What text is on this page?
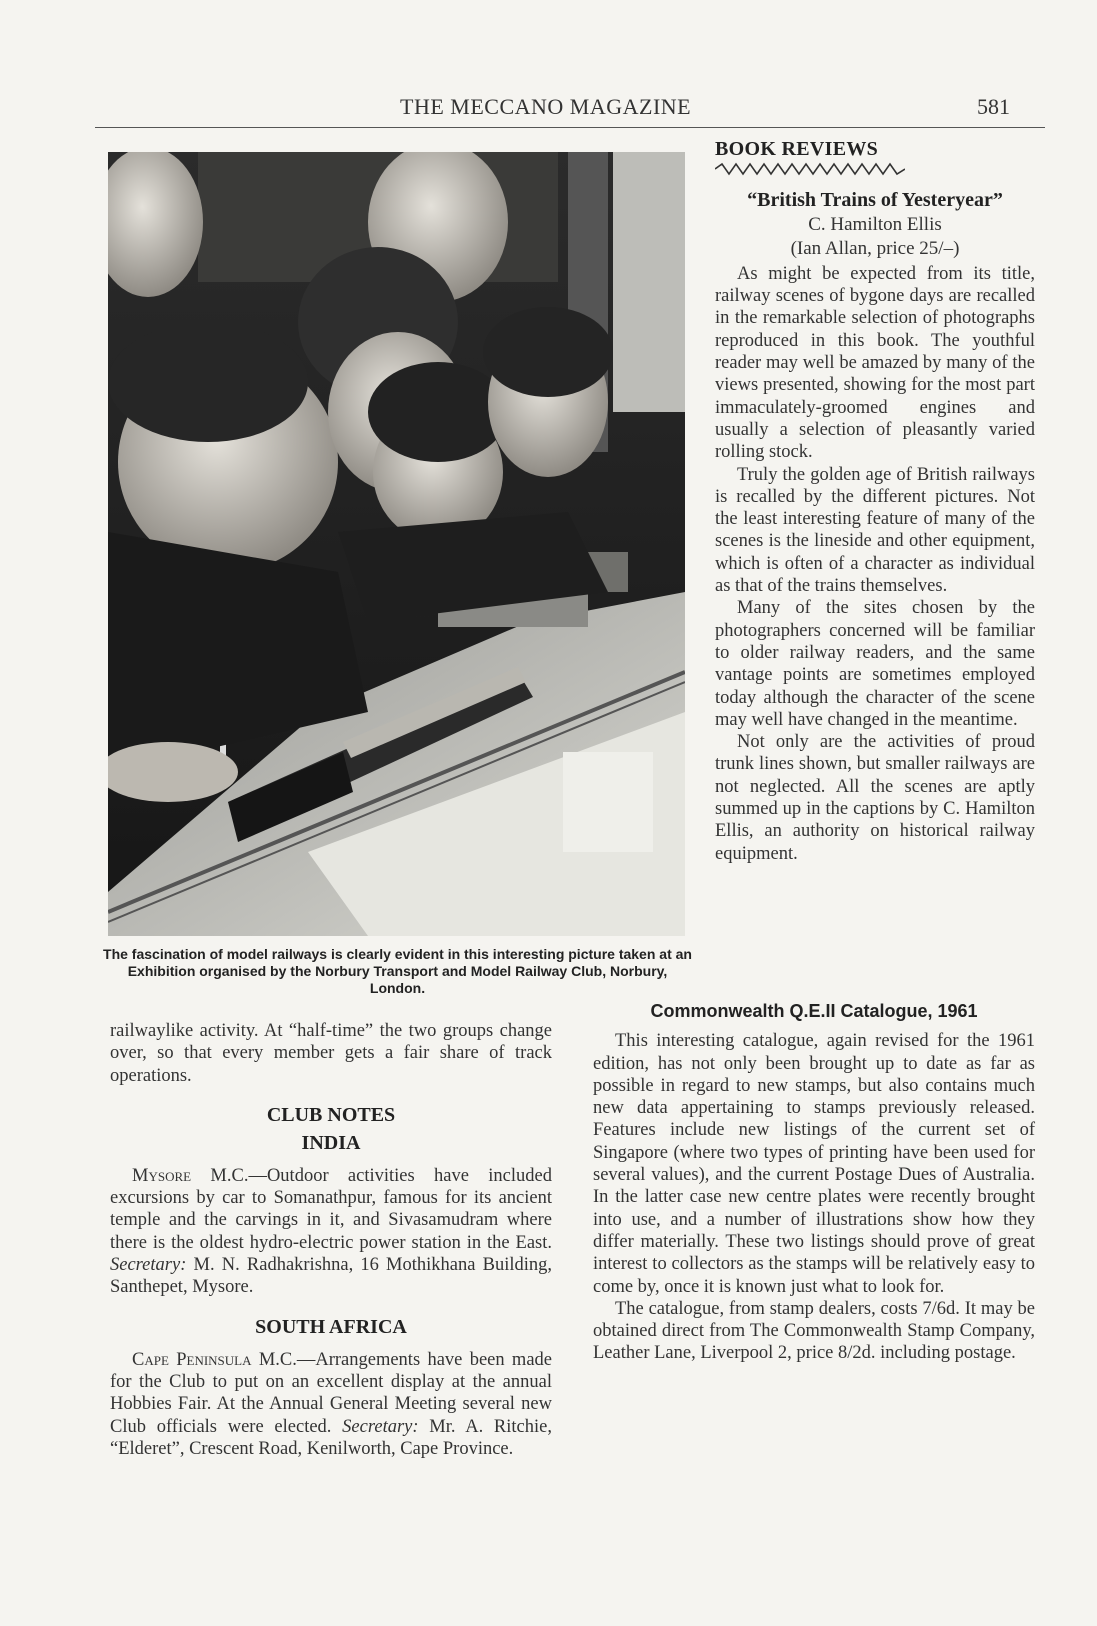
THE MECCANO MAGAZINE	581
The fascination of model railways is clearly evident in this interesting picture taken at an Exhibition organised by the Norbury Transport and Model Railway Club, Norbury, London.
BOOK REVIEWS
“British Trains of Yesteryear”
C. Hamilton Ellis
(Ian Allan, price 25/–)

As might be expected from its title, railway scenes of bygone days are recalled in the remarkable selection of photographs reproduced in this book. The youthful reader may well be amazed by many of the views presented, showing for the most part immaculately-groomed engines and usually a selection of pleasantly varied rolling stock.

Truly the golden age of British railways is recalled by the different pictures. Not the least interesting feature of many of the scenes is the lineside and other equipment, which is often of a character as individual as that of the trains themselves.

Many of the sites chosen by the photographers concerned will be familiar to older railway readers, and the same vantage points are sometimes employed today although the character of the scene may well have changed in the meantime.

Not only are the activities of proud trunk lines shown, but smaller railways are not neglected. All the scenes are aptly summed up in the captions by C. Hamilton Ellis, an authority on historical railway equipment.

railwaylike activity. At “half-time” the two groups change over, so that every member gets a fair share of track operations.

CLUB NOTES
INDIA

Mysore M.C.—Outdoor activities have included excursions by car to Somanathpur, famous for its ancient temple and the carvings in it, and Sivasamudram where there is the oldest hydro-electric power station in the East. Secretary: M. N. Radhakrishna, 16 Mothikhana Building, Santhepet, Mysore.

SOUTH AFRICA

Cape Peninsula M.C.—Arrangements have been made for the Club to put on an excellent display at the annual Hobbies Fair. At the Annual General Meeting several new Club officials were elected. Secretary: Mr. A. Ritchie, “Elderet”, Crescent Road, Kenilworth, Cape Province.

Commonwealth Q.E.II Catalogue, 1961

This interesting catalogue, again revised for the 1961 edition, has not only been brought up to date as far as possible in regard to new stamps, but also contains much new data appertaining to stamps previously released. Features include new listings of the current set of Singapore (where two types of printing have been used for several values), and the current Postage Dues of Australia. In the latter case new centre plates were recently brought into use, and a number of illustrations show how they differ materially. These two listings should prove of great interest to collectors as the stamps will be relatively easy to come by, once it is known just what to look for.

The catalogue, from stamp dealers, costs 7/6d. It may be obtained direct from The Commonwealth Stamp Company, Leather Lane, Liverpool 2, price 8/2d. including postage.
